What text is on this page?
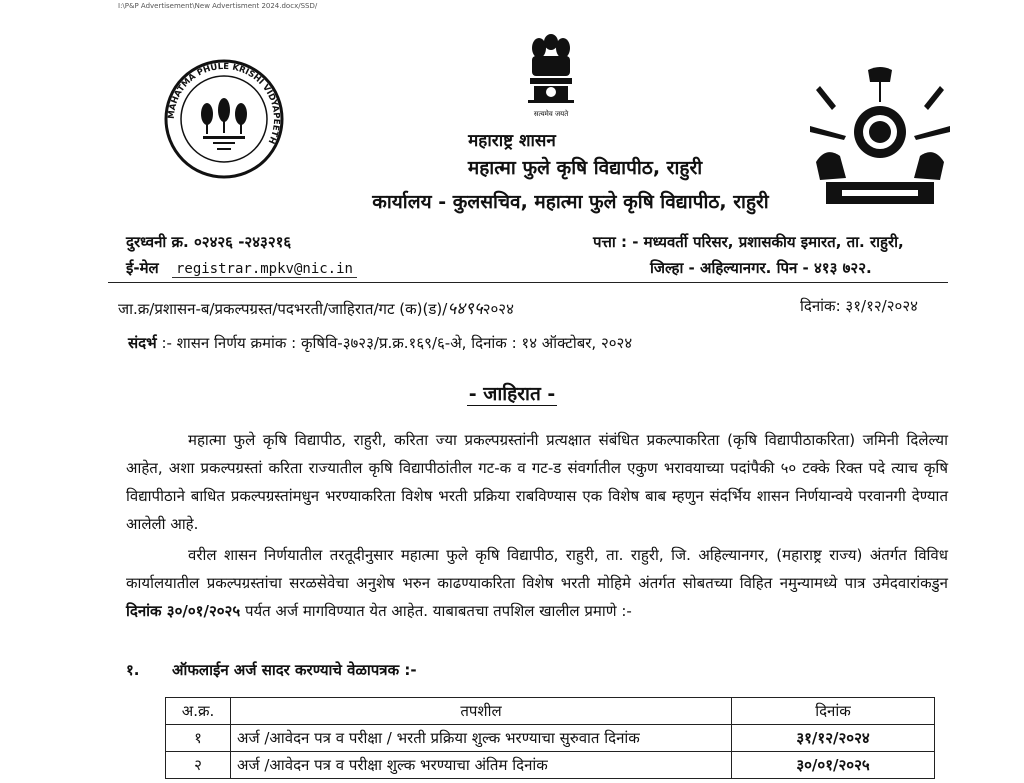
I:\P&P Advertisement\New Advertisment 2024.docx/SSD/
MAHATMA PHULE KRISHI VIDYAPEETH
सत्यमेव जयते
महाराष्ट्र शासन
महात्मा फुले कृषि विद्यापीठ, राहुरी
कार्यालय - कुलसचिव, महात्मा फुले कृषि विद्यापीठ, राहुरी
दुरध्वनी क्र. ०२४२६ -२४३२१६
ई-मेल registrar.mpkv@nic.in
पत्ता : - मध्यवर्ती परिसर, प्रशासकीय इमारत, ता. राहुरी,
जिल्हा - अहिल्यानगर. पिन - ४१३ ७२२.
जा.क्र/प्रशासन-ब/प्रकल्पग्रस्त/पदभरती/जाहिरात/गट (क)(ड)/५४९५२०२४	दिनांक: ३१/१२/२०२४
संदर्भ :- शासन निर्णय क्रमांक : कृषिवि-३७२३/प्र.क्र.१६९/६-अे, दिनांक : १४ ऑक्टोबर, २०२४
- जाहिरात -
महात्मा फुले कृषि विद्यापीठ, राहुरी, करिता ज्या प्रकल्पग्रस्तांनी प्रत्यक्षात संबंधित प्रकल्पाकरिता (कृषि विद्यापीठाकरिता) जमिनी दिलेल्या आहेत, अशा प्रकल्पग्रस्तां करिता राज्यातील कृषि विद्यापीठांतील गट-क व गट-ड संवर्गातील एकुण भरावयाच्या पदांपैकी ५० टक्के रिक्त पदे त्याच कृषि विद्यापीठाने बाधित प्रकल्पग्रस्तांमधुन भरण्याकरिता विशेष भरती प्रक्रिया राबविण्यास एक विशेष बाब म्हणुन संदर्भिय शासन निर्णयान्वये परवानगी देण्यात आलेली आहे.
वरील शासन निर्णयातील तरतूदीनुसार महात्मा फुले कृषि विद्यापीठ, राहुरी, ता. राहुरी, जि. अहिल्यानगर, (महाराष्ट्र राज्य) अंतर्गत विविध कार्यालयातील प्रकल्पग्रस्तांचा सरळसेवेचा अनुशेष भरुन काढण्याकरिता विशेष भरती मोहिमे अंतर्गत सोबतच्या विहित नमुन्यामध्ये पात्र उमेदवारांकडुन दिनांक ३०/०१/२०२५ पर्यत अर्ज मागविण्यात येत आहेत. याबाबतचा तपशिल खालील प्रमाणे :-
१. ऑफलाईन अर्ज सादर करण्याचे वेळापत्रक :-
अ.क्र.	तपशील	दिनांक
१	अर्ज /आवेदन पत्र व परीक्षा / भरती प्रक्रिया शुल्क भरण्याचा सुरुवात दिनांक	३१/१२/२०२४
२	अर्ज /आवेदन पत्र व परीक्षा शुल्क भरण्याचा अंतिम दिनांक	३०/०१/२०२५
